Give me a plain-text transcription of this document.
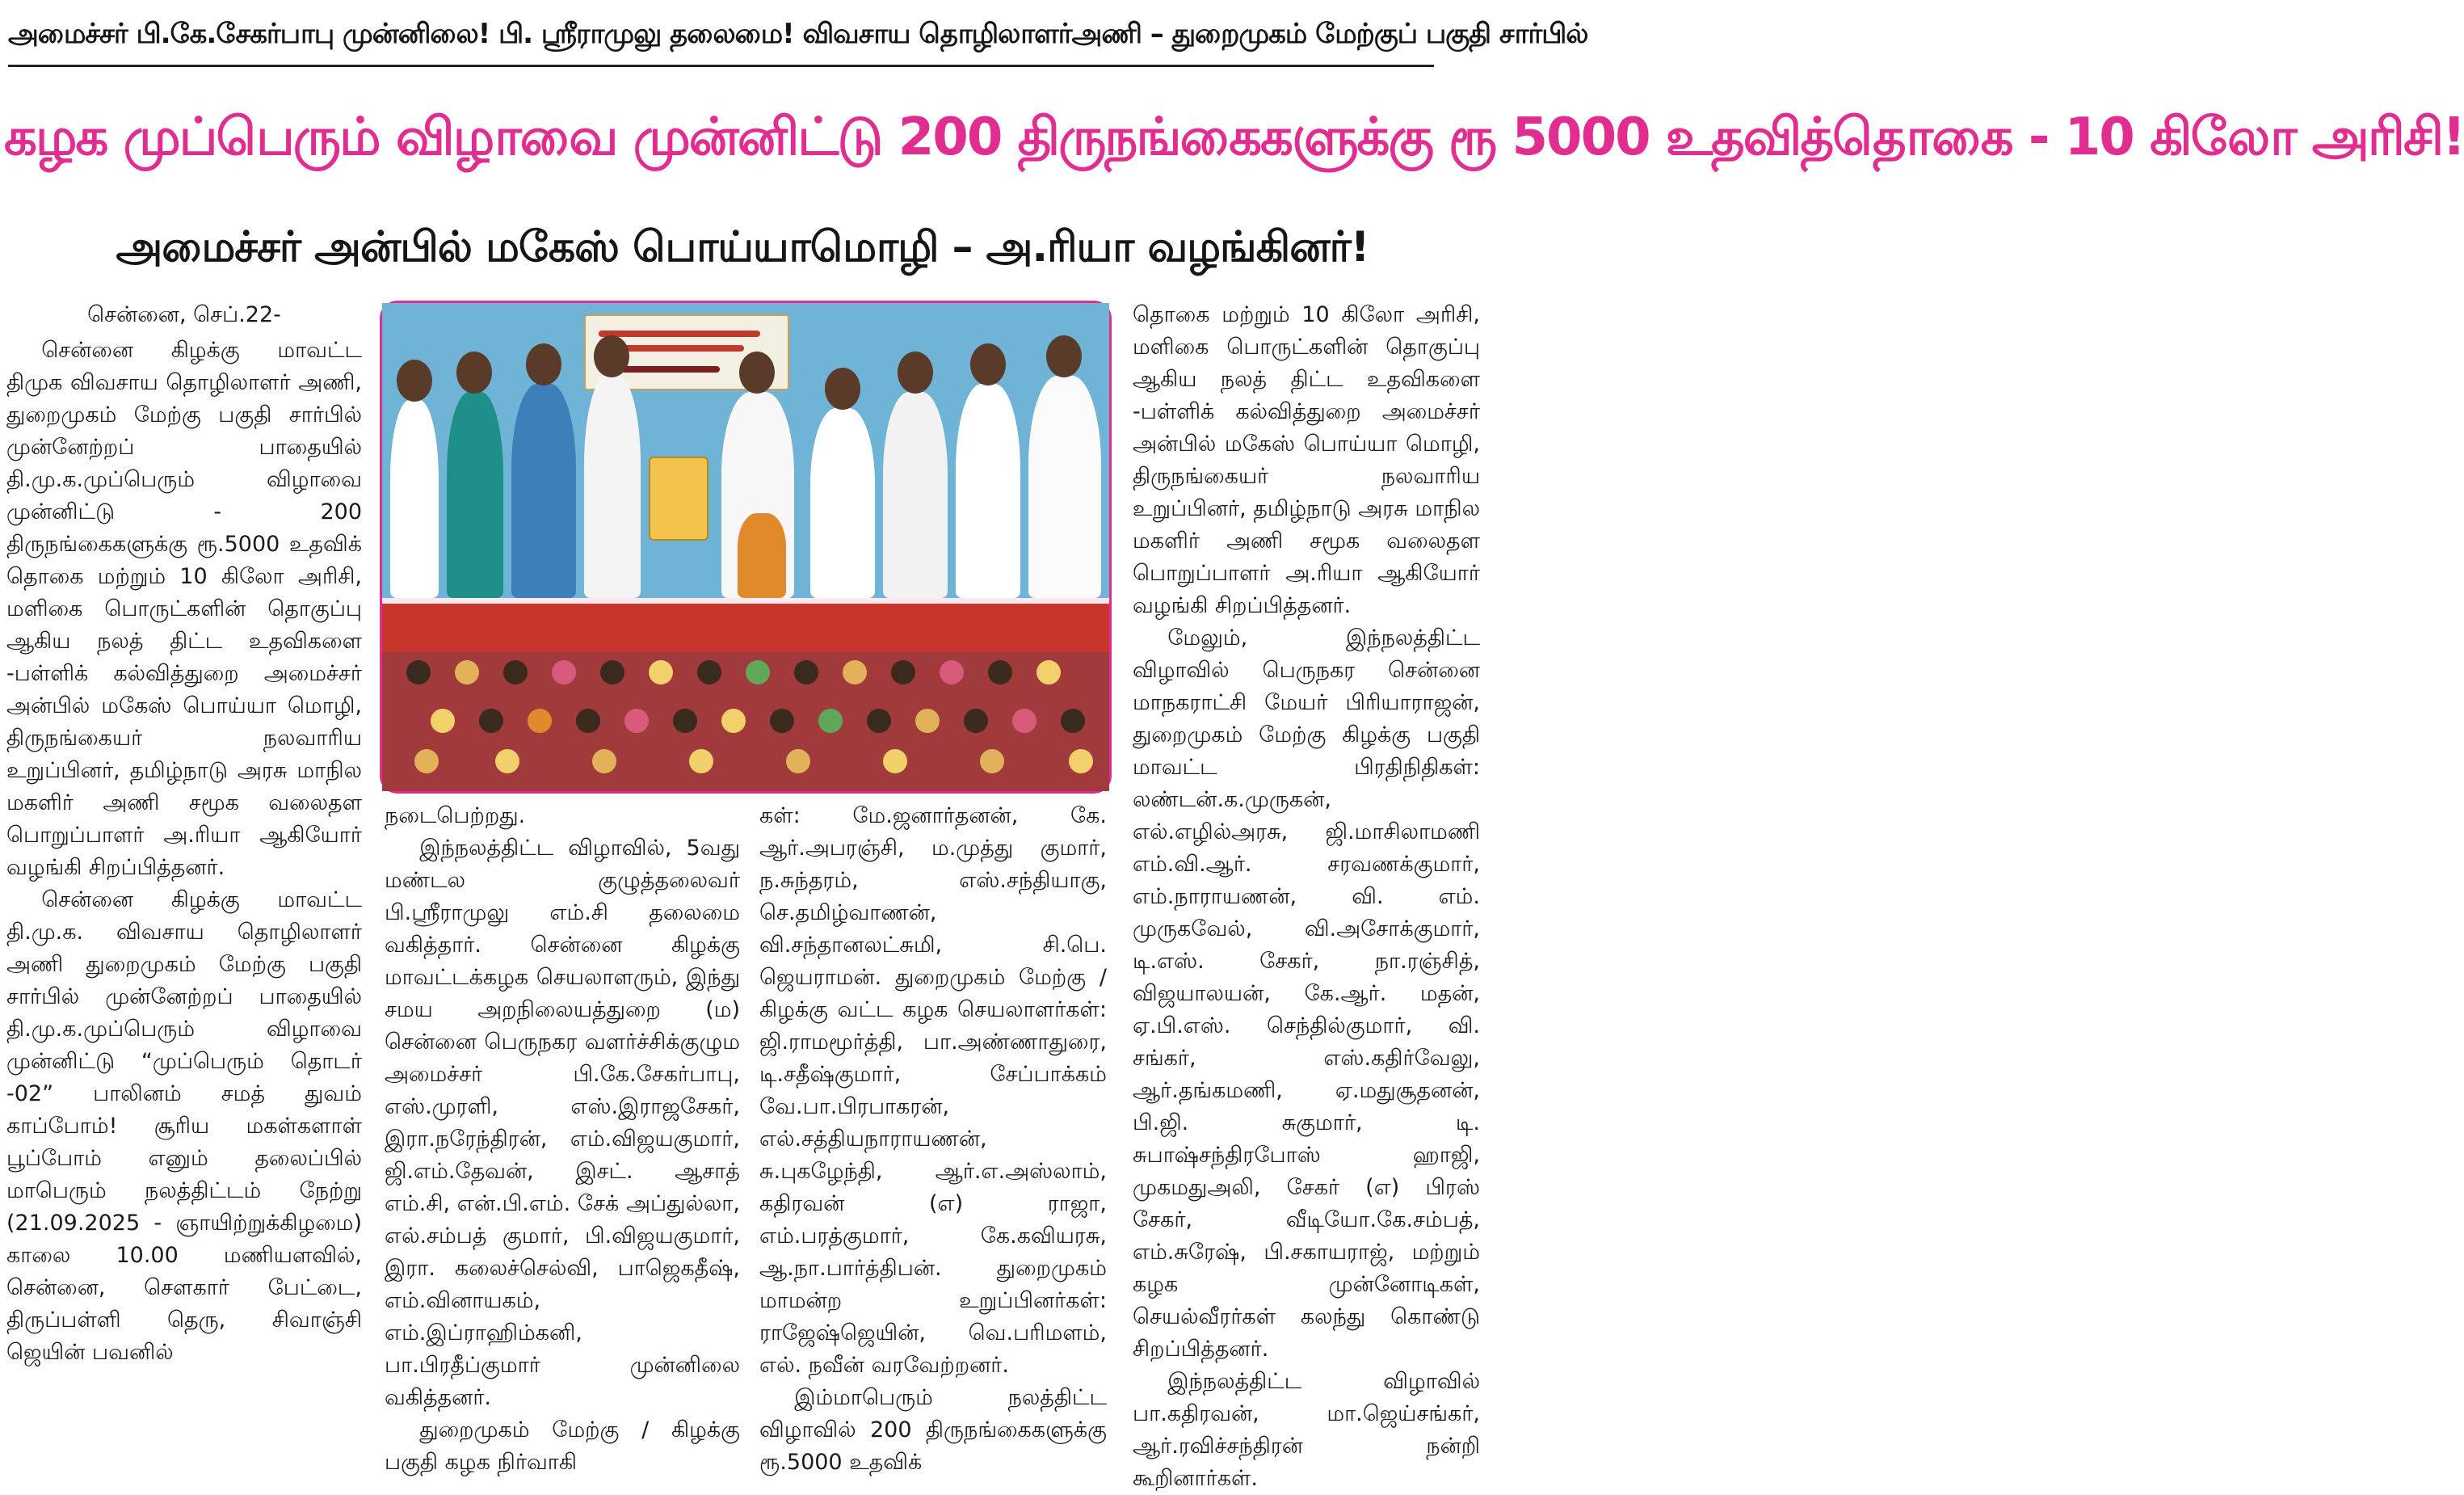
அமைச்சர் பி.கே.சேகர்பாபு முன்னிலை! பி. ஸ்ரீராமுலு தலைமை! விவசாய தொழிலாளர்அணி – துறைமுகம் மேற்குப் பகுதி சார்பில்
கழக முப்பெரும் விழாவை முன்னிட்டு 200 திருநங்கைகளுக்கு ரூ 5000 உதவித்தொகை - 10 கிலோ அரிசி!
அமைச்சர் அன்பில் மகேஸ் பொய்யாமொழி – அ.ரியா வழங்கினர்!

சென்னை, செப்.22-

சென்னை கிழக்கு மாவட்ட திமுக விவசாய தொழிலாளர் அணி, துறைமுகம் மேற்கு பகுதி சார்பில் முன்னேற்றப் பாதையில் தி.மு.க.முப்பெரும் விழாவை முன்னிட்டு - 200 திருநங்கைகளுக்கு ரூ.5000 உதவிக் தொகை மற்றும் 10 கிலோ அரிசி, மளிகை பொருட்களின் தொகுப்பு ஆகிய நலத் திட்ட உதவிகளை -பள்ளிக் கல்வித்துறை அமைச்சர் அன்பில் மகேஸ் பொய்யா மொழி, திருநங்கையர் நலவாரிய உறுப்பினர், தமிழ்நாடு அரசு மாநில மகளிர் அணி சமூக வலைதள பொறுப்பாளர் அ.ரியா ஆகியோர் வழங்கி சிறப்பித்தனர்.

சென்னை கிழக்கு மாவட்ட தி.மு.க. விவசாய தொழிலாளர் அணி துறைமுகம் மேற்கு பகுதி சார்பில் முன்னேற்றப் பாதையில் தி.மு.க.முப்பெரும் விழாவை முன்னிட்டு “முப்பெரும் தொடர் -02” பாலினம் சமத் துவம் காப்போம்! சூரிய மகள்களாள் பூப்போம் எனும் தலைப்பில் மாபெரும் நலத்திட்டம் நேற்று (21.09.2025 - ஞாயிற்றுக்கிழமை) காலை 10.00 மணியளவில், சென்னை, சௌகார் பேட்டை, திருப்பள்ளி தெரு, சிவாஞ்சி ஜெயின் பவனில்

நடைபெற்றது.

இந்நலத்திட்ட விழாவில், 5வது மண்டல குழுத்தலைவர் பி.ஸ்ரீராமுலு எம்.சி தலைமை வகித்தார். சென்னை கிழக்கு மாவட்டக்கழக செயலாளரும், இந்து சமய அறநிலையத்துறை (ம) சென்னை பெருநகர வளர்ச்சிக்குழும அமைச்சர் பி.கே.சேகர்பாபு, எஸ்.முரளி, எஸ்.இராஜசேகர், இரா.நரேந்திரன், எம்.விஜயகுமார், ஜி.எம்.தேவன், இசட். ஆசாத் எம்.சி, என்.பி.எம். சேக் அப்துல்லா, எல்.சம்பத் குமார், பி.விஜயகுமார், இரா. கலைச்செல்வி, பாஜெகதீஷ், எம்.வினாயகம், எம்.இப்ராஹிம்கனி, பா.பிரதீப்குமார் முன்னிலை வகித்தனர்.

துறைமுகம் மேற்கு / கிழக்கு பகுதி கழக நிர்வாகி

கள்: மே.ஜனார்தனன், கே. ஆர்.அபரஞ்சி, ம.முத்து குமார், ந.சுந்தரம், எஸ்.சந்தியாகு, செ.தமிழ்வாணன், வி.சந்தானலட்சுமி, சி.பெ. ஜெயராமன். துறைமுகம் மேற்கு / கிழக்கு வட்ட கழக செயலாளர்கள்: ஜி.ராமமூர்த்தி, பா.அண்ணாதுரை, டி.சதீஷ்குமார், சேப்பாக்கம் வே.பா.பிரபாகரன், எல்.சத்தியநாராயணன், சு.புகழேந்தி, ஆர்.எ.அஸ்லாம், கதிரவன் (எ) ராஜா, எம்.பரத்குமார், கே.கவியரசு, ஆ.நா.பார்த்திபன். துறைமுகம் மாமன்ற உறுப்பினர்கள்: ராஜேஷ்ஜெயின், வெ.பரிமளம், எல். நவீன் வரவேற்றனர்.

இம்மாபெரும் நலத்திட்ட விழாவில் 200 திருநங்கைகளுக்கு ரூ.5000 உதவிக்

தொகை மற்றும் 10 கிலோ அரிசி, மளிகை பொருட்களின் தொகுப்பு ஆகிய நலத் திட்ட உதவிகளை -பள்ளிக் கல்வித்துறை அமைச்சர் அன்பில் மகேஸ் பொய்யா மொழி, திருநங்கையர் நலவாரிய உறுப்பினர், தமிழ்நாடு அரசு மாநில மகளிர் அணி சமூக வலைதள பொறுப்பாளர் அ.ரியா ஆகியோர் வழங்கி சிறப்பித்தனர்.

மேலும், இந்நலத்திட்ட விழாவில் பெருநகர சென்னை மாநகராட்சி மேயர் பிரியாராஜன், துறைமுகம் மேற்கு கிழக்கு பகுதி மாவட்ட பிரதிநிதிகள்: லண்டன்.க.முருகன், எல்.எழில்அரசு, ஜி.மாசிலாமணி எம்.வி.ஆர். சரவணக்குமார், எம்.நாராயணன், வி. எம். முருகவேல், வி.அசோக்குமார், டி.எஸ். சேகர், நா.ரஞ்சித், விஜயாலயன், கே.ஆர். மதன், ஏ.பி.எஸ். செந்தில்குமார், வி. சங்கர், எஸ்.கதிர்வேலு, ஆர்.தங்கமணி, ஏ.மதுசூதனன், பி.ஜி. சுகுமார், டி. சுபாஷ்சந்திரபோஸ் ஹாஜி, முகமதுஅலி, சேகர் (எ) பிரஸ் சேகர், வீடியோ.கே.சம்பத், எம்.சுரேஷ், பி.சகாயராஜ், மற்றும் கழக முன்னோடிகள், செயல்வீரர்கள் கலந்து கொண்டு சிறப்பித்தனர்.

இந்நலத்திட்ட விழாவில் பா.கதிரவன், மா.ஜெய்சங்கர், ஆர்.ரவிச்சந்திரன் நன்றி கூறினார்கள்.
